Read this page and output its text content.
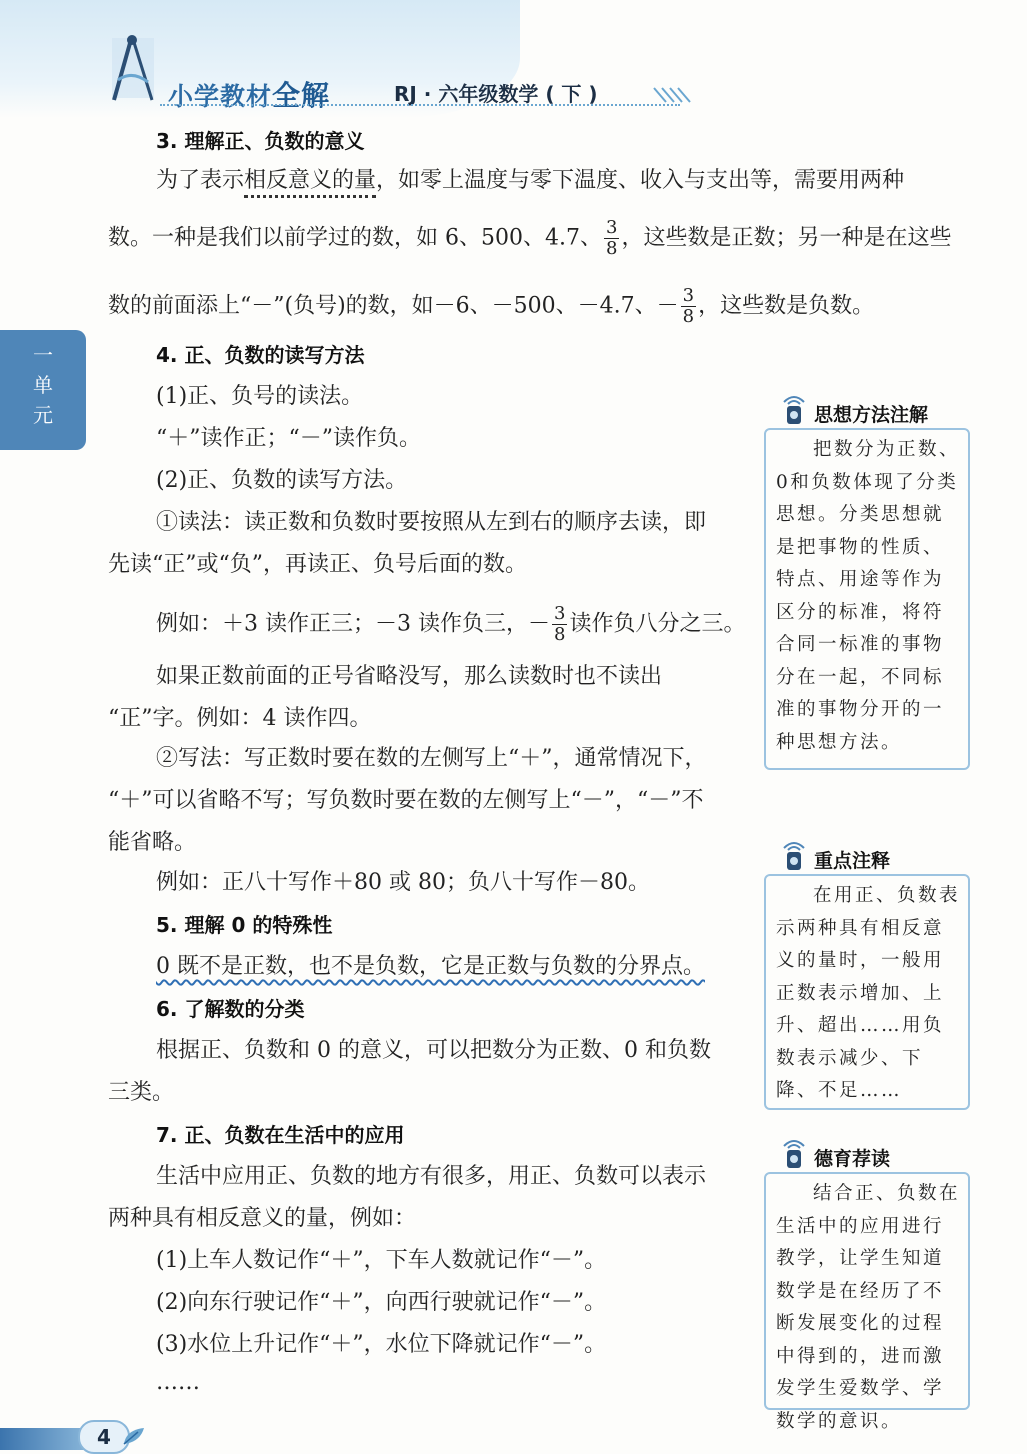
小学教材全解	RJ · 六年级数学 ( 下 )
一
单
元
3. 理解正、负数的意义
为了表示相反意义的量，如零上温度与零下温度、收入与支出等，需要用两种
数。一种是我们以前学过的数，如 6、500、4.7、 $\frac{3}{8}$ ，这些数是正数；另一种是在这些
数的前面添上“－”(负号)的数，如－6、－500、－4.7、－ $\frac{3}{8}$ ，这些数是负数。
4. 正、负数的读写方法
(1)正、负号的读法。
“＋”读作正；“－”读作负。
(2)正、负数的读写方法。
①读法：读正数和负数时要按照从左到右的顺序去读，即
先读“正”或“负”，再读正、负号后面的数。
例如：＋3 读作正三；－3 读作负三，－ $\frac{3}{8}$ 读作负八分之三。
如果正数前面的正号省略没写，那么读数时也不读出
“正”字。例如：4 读作四。
②写法：写正数时要在数的左侧写上“＋”，通常情况下，
“＋”可以省略不写；写负数时要在数的左侧写上“－”，“－”不
能省略。
例如：正八十写作＋80 或 80；负八十写作－80。
5. 理解 0 的特殊性
0 既不是正数，也不是负数，它是正数与负数的分界点。
6. 了解数的分类
根据正、负数和 0 的意义，可以把数分为正数、0 和负数
三类。
7. 正、负数在生活中的应用
生活中应用正、负数的地方有很多，用正、负数可以表示
两种具有相反意义的量，例如：
(1)上车人数记作“＋”，下车人数就记作“－”。
(2)向东行驶记作“＋”，向西行驶就记作“－”。
(3)水位上升记作“＋”，水位下降就记作“－”。
……
思想方法注解

把数分为正数、0和负数体现了分类思想。分类思想就是把事物的性质、特点、用途等作为区分的标准，将符合同一标准的事物分在一起，不同标准的事物分开的一种思想方法。

重点注释

在用正、负数表示两种具有相反意义的量时，一般用正数表示增加、上升、超出……用负数表示减少、下降、不足……

德育荐读

结合正、负数在生活中的应用进行教学，让学生知道数学是在经历了不断发展变化的过程中得到的，进而激发学生爱数学、学数学的意识。

4
